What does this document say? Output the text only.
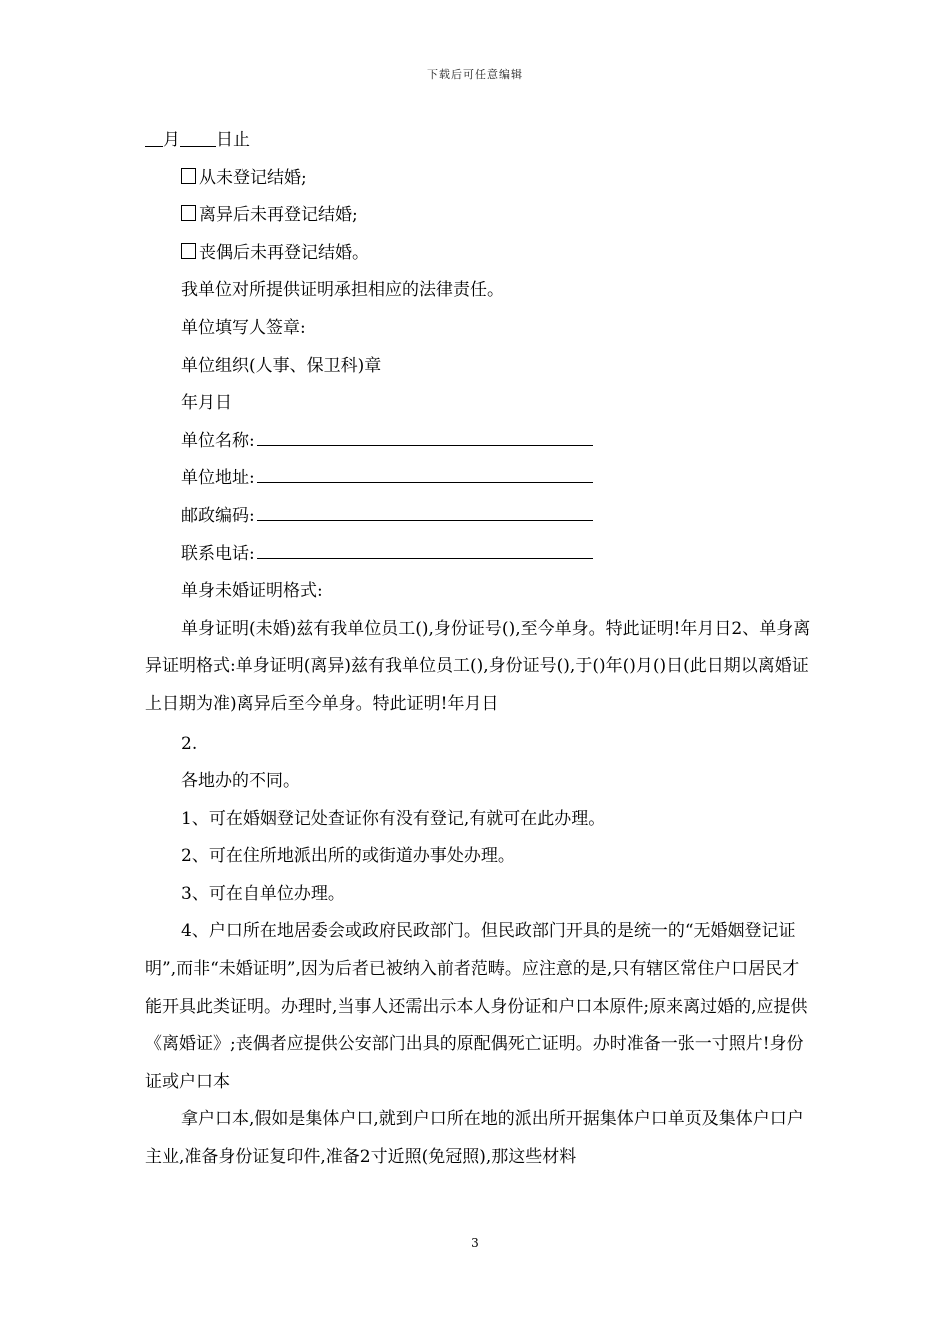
下载后可任意编辑
月 日止
从未登记结婚;
离异后未再登记结婚;
丧偶后未再登记结婚。
我单位对所提供证明承担相应的法律责任。
单位填写人签章:
单位组织(人事、保卫科)章
年月日
单位名称:
单位地址:
邮政编码:
联系电话:
单身未婚证明格式:
单身证明(未婚)兹有我单位员工(),身份证号(),至今单身。特此证明!年月日2、单身离异证明格式:单身证明(离异)兹有我单位员工(),身份证号(),于()年()月()日(此日期以离婚证上日期为准)离异后至今单身。特此证明!年月日
2.
各地办的不同。
1、可在婚姻登记处查证你有没有登记,有就可在此办理。
2、可在住所地派出所的或街道办事处办理。
3、可在自单位办理。
4、户口所在地居委会或政府民政部门。但民政部门开具的是统一的“无婚姻登记证明”,而非“未婚证明”,因为后者已被纳入前者范畴。应注意的是,只有辖区常住户口居民才能开具此类证明。办理时,当事人还需出示本人身份证和户口本原件;原来离过婚的,应提供《离婚证》;丧偶者应提供公安部门出具的原配偶死亡证明。办时准备一张一寸照片!身份证或户口本
拿户口本,假如是集体户口,就到户口所在地的派出所开据集体户口单页及集体户口户主业,准备身份证复印件,准备2寸近照(免冠照),那这些材料
3
